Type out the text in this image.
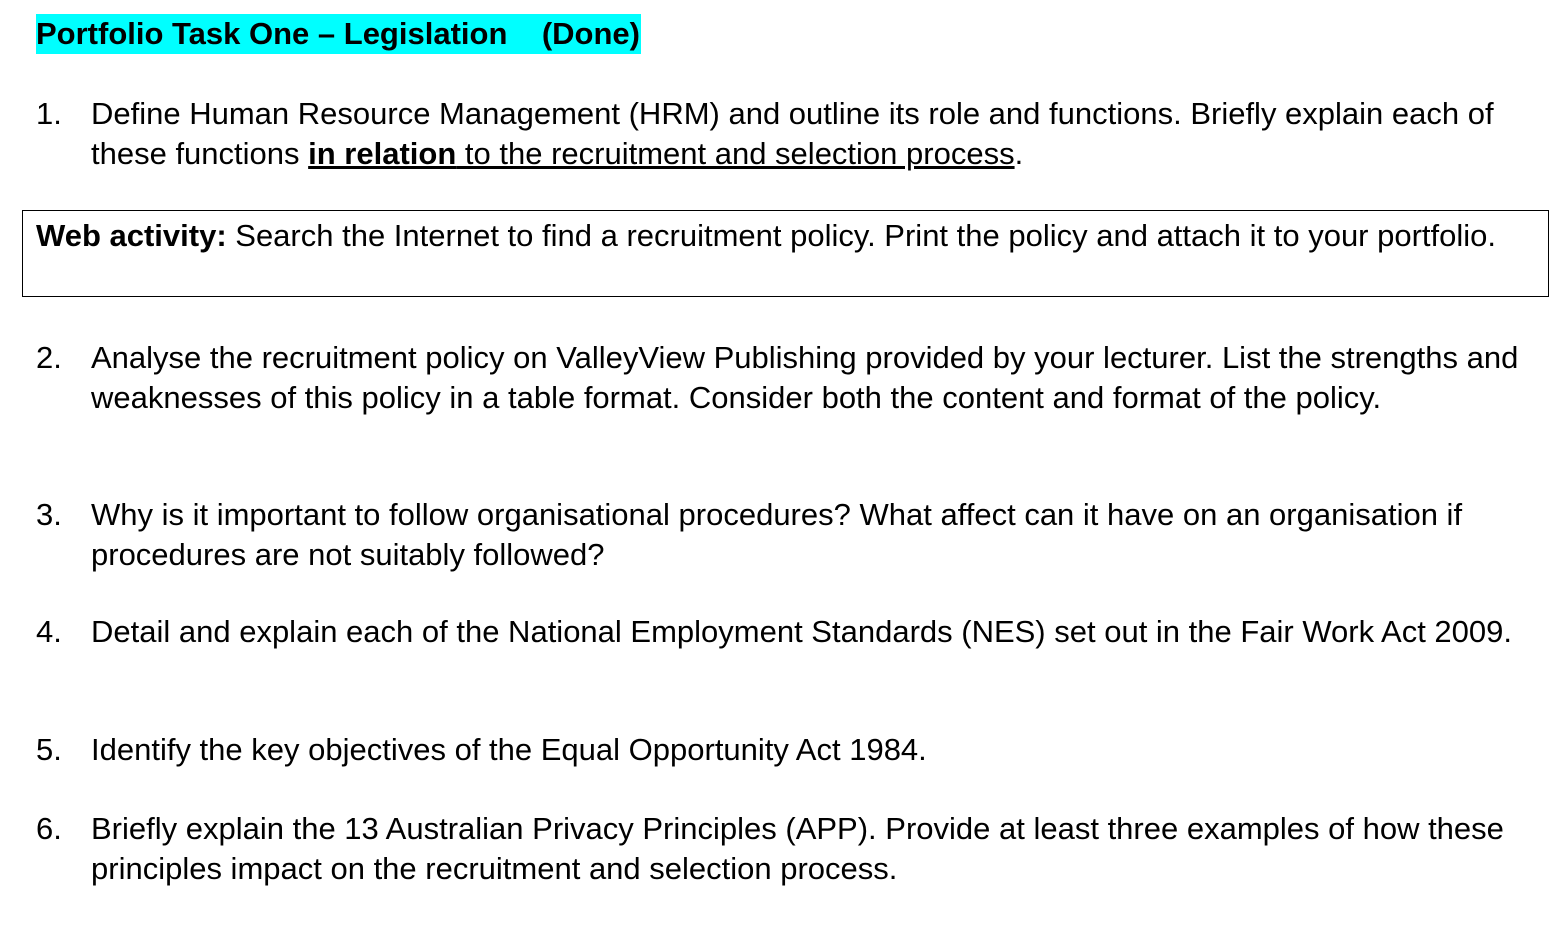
Portfolio Task One – Legislation    (Done)
1. Define Human Resource Management (HRM) and outline its role and functions. Briefly explain each of these functions in relation to the recruitment and selection process.
Web activity: Search the Internet to find a recruitment policy. Print the policy and attach it to your portfolio.
2. Analyse the recruitment policy on ValleyView Publishing provided by your lecturer. List the strengths and weaknesses of this policy in a table format. Consider both the content and format of the policy.
3. Why is it important to follow organisational procedures? What affect can it have on an organisation if procedures are not suitably followed?
4. Detail and explain each of the National Employment Standards (NES) set out in the Fair Work Act 2009.
5. Identify the key objectives of the Equal Opportunity Act 1984.
6. Briefly explain the 13 Australian Privacy Principles (APP). Provide at least three examples of how these principles impact on the recruitment and selection process.
